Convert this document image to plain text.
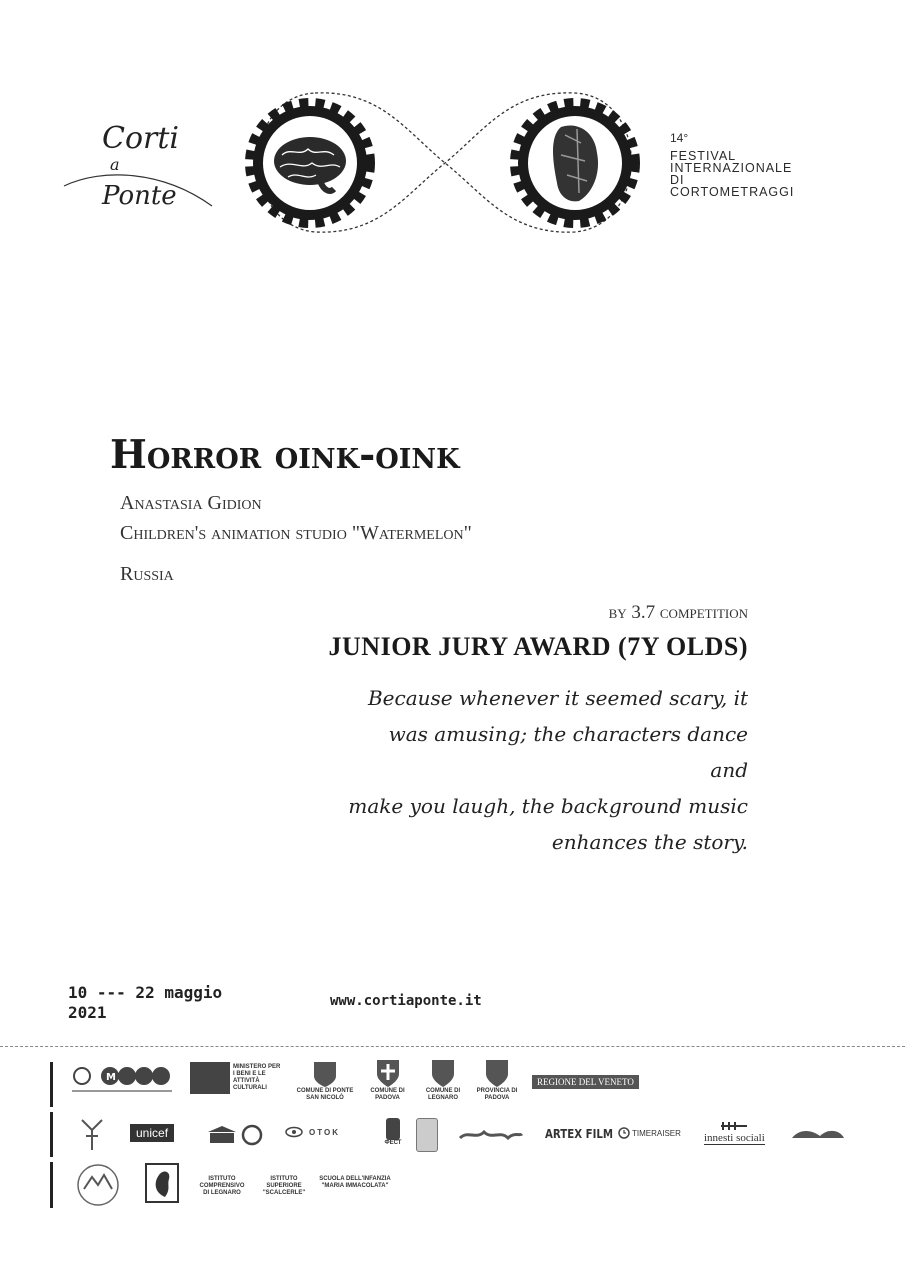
Corti
a
Ponte
14°
FESTIVAL
INTERNAZIONALE
DI
CORTOMETRAGGI
Horror oink-oink
Anastasia Gidion
Children's animation studio "Watermelon"
Russia
by 3.7 competition
JUNIOR JURY AWARD (7Y OLDS)
Because whenever it seemed scary, it
was amusing; the characters dance and
make you laugh, the background music
enhances the story.
10 --- 22 maggio
2021
www.cortiaponte.it
M
MINISTERO PER I BENI E LE ATTIVITÀ CULTURALI	COMUNE DI PONTE SAN NICOLÒ
COMUNE DI PADOVA
COMUNE DI LEGNARO
PROVINCIA DI PADOVA
REGIONE DEL VENETO
unicef	OTOK
ФЕСТ
ARTEX FILM TIMERAISER innesti sociali
ISTITUTO COMPRENSIVO DI LEGNARO
ISTITUTO SUPERIORE "SCALCERLE"
SCUOLA DELL'INFANZIA "MARIA IMMACOLATA"
